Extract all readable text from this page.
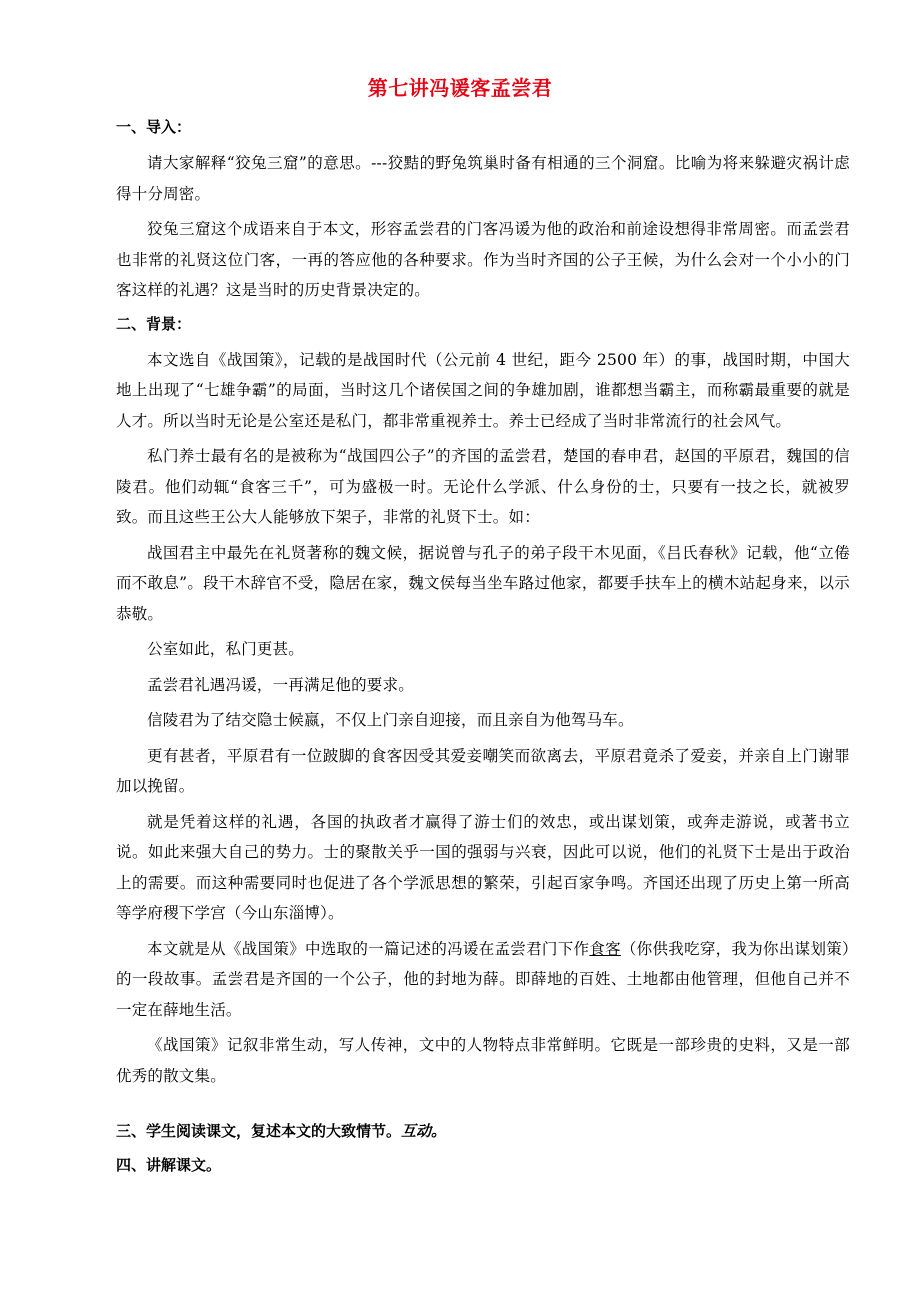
第七讲冯谖客孟尝君
一、导入：

请大家解释“狡兔三窟”的意思。---狡黠的野兔筑巢时备有相通的三个洞窟。比喻为将来躲避灾祸计虑得十分周密。

狡兔三窟这个成语来自于本文，形容孟尝君的门客冯谖为他的政治和前途设想得非常周密。而孟尝君也非常的礼贤这位门客，一再的答应他的各种要求。作为当时齐国的公子王候，为什么会对一个小小的门客这样的礼遇？这是当时的历史背景决定的。

二、背景：

本文选自《战国策》，记载的是战国时代（公元前 4 世纪，距今 2500 年）的事，战国时期，中国大地上出现了“七雄争霸”的局面，当时这几个诸侯国之间的争雄加剧，谁都想当霸主，而称霸最重要的就是人才。所以当时无论是公室还是私门，都非常重视养士。养士已经成了当时非常流行的社会风气。

私门养士最有名的是被称为“战国四公子”的齐国的孟尝君，楚国的春申君，赵国的平原君，魏国的信陵君。他们动辄“食客三千”，可为盛极一时。无论什么学派、什么身份的士，只要有一技之长，就被罗致。而且这些王公大人能够放下架子，非常的礼贤下士。如：

战国君主中最先在礼贤著称的魏文候，据说曾与孔子的弟子段干木见面，《吕氏春秋》记载，他“立倦而不敢息”。段干木辞官不受，隐居在家，魏文侯每当坐车路过他家，都要手扶车上的横木站起身来，以示恭敬。

公室如此，私门更甚。

孟尝君礼遇冯谖，一再满足他的要求。

信陵君为了结交隐士候嬴，不仅上门亲自迎接，而且亲自为他驾马车。

更有甚者，平原君有一位跛脚的食客因受其爱妾嘲笑而欲离去，平原君竟杀了爱妾，并亲自上门谢罪加以挽留。

就是凭着这样的礼遇，各国的执政者才赢得了游士们的效忠，或出谋划策，或奔走游说，或著书立说。如此来强大自己的势力。士的聚散关乎一国的强弱与兴衰，因此可以说，他们的礼贤下士是出于政治上的需要。而这种需要同时也促进了各个学派思想的繁荣，引起百家争鸣。齐国还出现了历史上第一所高等学府稷下学宫（今山东淄博）。

本文就是从《战国策》中选取的一篇记述的冯谖在孟尝君门下作食客（你供我吃穿，我为你出谋划策）的一段故事。孟尝君是齐国的一个公子，他的封地为薛。即薛地的百姓、土地都由他管理，但他自己并不一定在薛地生活。

《战国策》记叙非常生动，写人传神，文中的人物特点非常鲜明。它既是一部珍贵的史料，又是一部优秀的散文集。

三、学生阅读课文，复述本文的大致情节。互动。
四、讲解课文。
